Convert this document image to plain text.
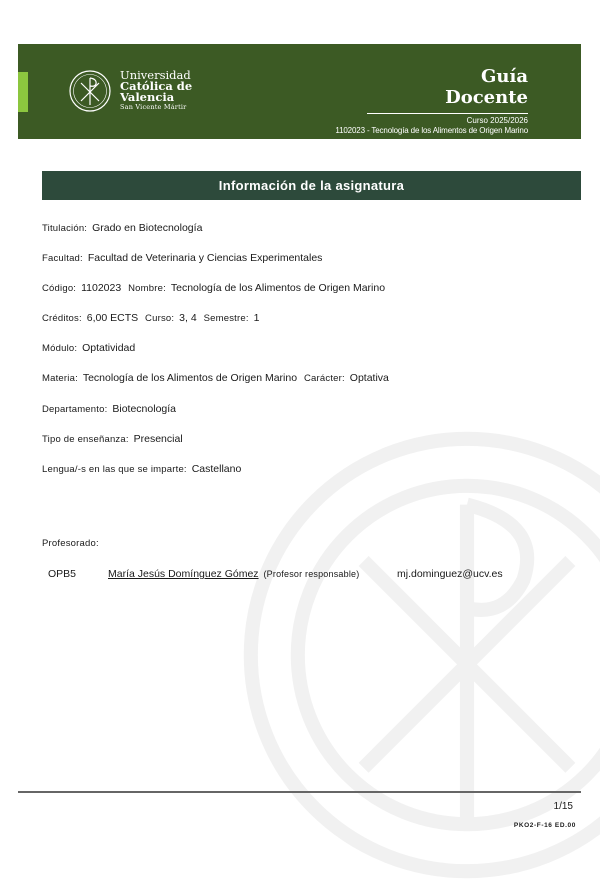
Universidad
Católica de
Valencia
San Vicente Mártir
Guía
Docente
Curso 2025/2026
1102023 - Tecnología de los Alimentos de Origen Marino
Información de la asignatura
Titulación: Grado en Biotecnología
Facultad: Facultad de Veterinaria y Ciencias Experimentales
Código: 1102023 Nombre: Tecnología de los Alimentos de Origen Marino
Créditos: 6,00 ECTS Curso: 3, 4 Semestre: 1
Módulo: Optatividad
Materia: Tecnología de los Alimentos de Origen Marino Carácter: Optativa
Departamento: Biotecnología
Tipo de enseñanza: Presencial
Lengua/-s en las que se imparte: Castellano
Profesorado:
OPB5	María Jesús Domínguez Gómez (Profesor responsable)	mj.dominguez@ucv.es
1/15
PKO2-F-16 ED.00
